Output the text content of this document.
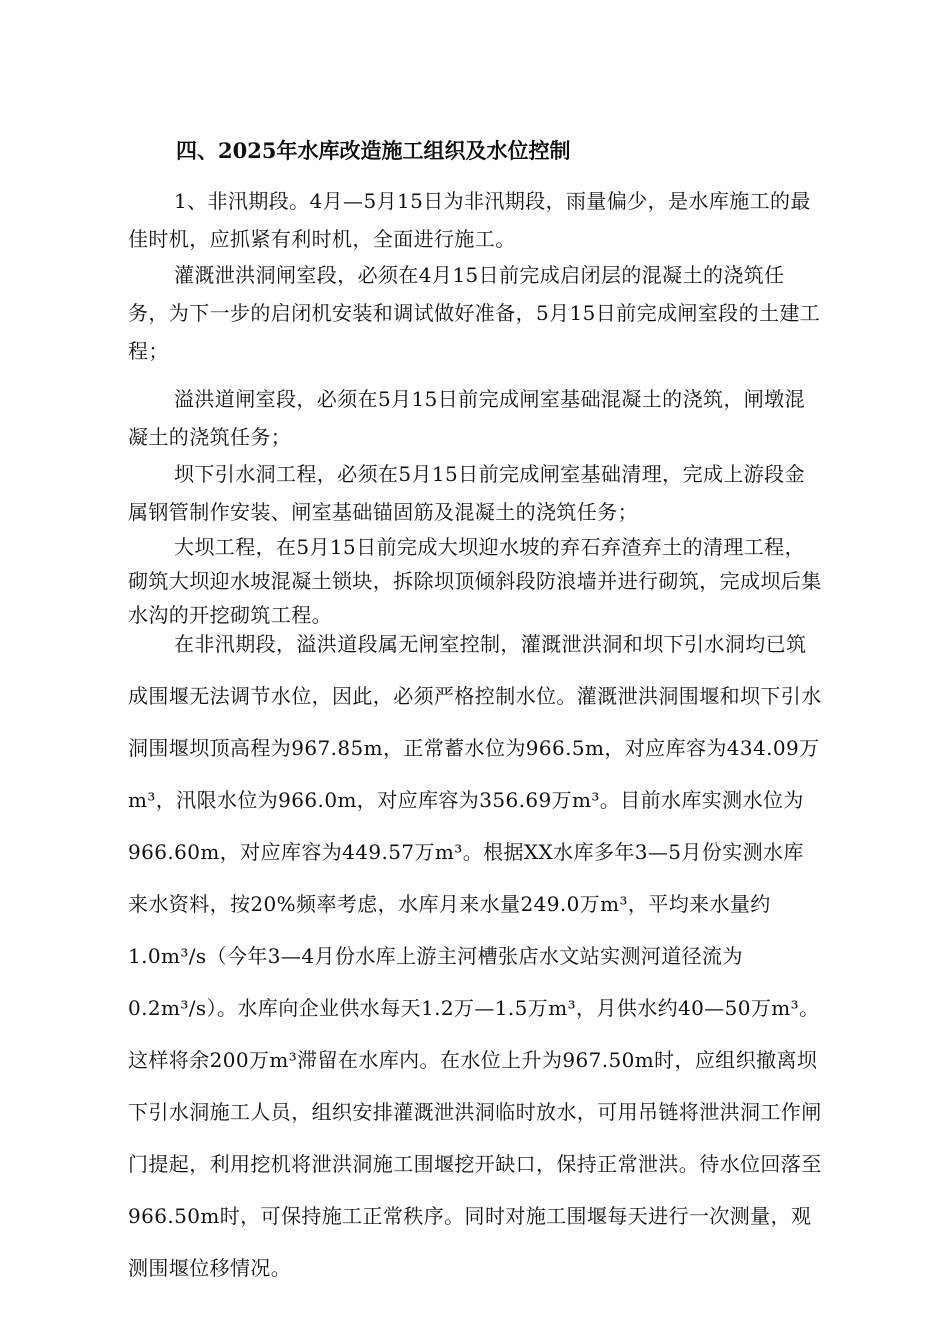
四、2025年水库改造施工组织及水位控制

1、非汛期段。4月—5月15日为非汛期段，雨量偏少，是水库施工的最佳时机，应抓紧有利时机，全面进行施工。

灌溉泄洪洞闸室段，必须在4月15日前完成启闭层的混凝土的浇筑任务，为下一步的启闭机安装和调试做好准备，5月15日前完成闸室段的土建工程；

溢洪道闸室段，必须在5月15日前完成闸室基础混凝土的浇筑，闸墩混凝土的浇筑任务；

坝下引水洞工程，必须在5月15日前完成闸室基础清理，完成上游段金属钢管制作安装、闸室基础锚固筋及混凝土的浇筑任务；

大坝工程，在5月15日前完成大坝迎水坡的弃石弃渣弃土的清理工程，砌筑大坝迎水坡混凝土锁块，拆除坝顶倾斜段防浪墙并进行砌筑，完成坝后集水沟的开挖砌筑工程。

在非汛期段，溢洪道段属无闸室控制，灌溉泄洪洞和坝下引水洞均已筑成围堰无法调节水位，因此，必须严格控制水位。灌溉泄洪洞围堰和坝下引水洞围堰坝顶高程为967.85m，正常蓄水位为966.5m，对应库容为434.09万m³，汛限水位为966.0m，对应库容为356.69万m³。目前水库实测水位为966.60m，对应库容为449.57万m³。根据XX水库多年3—5月份实测水库来水资料，按20%频率考虑，水库月来水量249.0万m³，平均来水量约1.0m³/s（今年3—4月份水库上游主河槽张店水文站实测河道径流为0.2m³/s）。水库向企业供水每天1.2万—1.5万m³，月供水约40—50万m³。这样将余200万m³滞留在水库内。在水位上升为967.50m时，应组织撤离坝下引水洞施工人员，组织安排灌溉泄洪洞临时放水，可用吊链将泄洪洞工作闸门提起，利用挖机将泄洪洞施工围堰挖开缺口，保持正常泄洪。待水位回落至966.50m时，可保持施工正常秩序。同时对施工围堰每天进行一次测量，观测围堰位移情况。
